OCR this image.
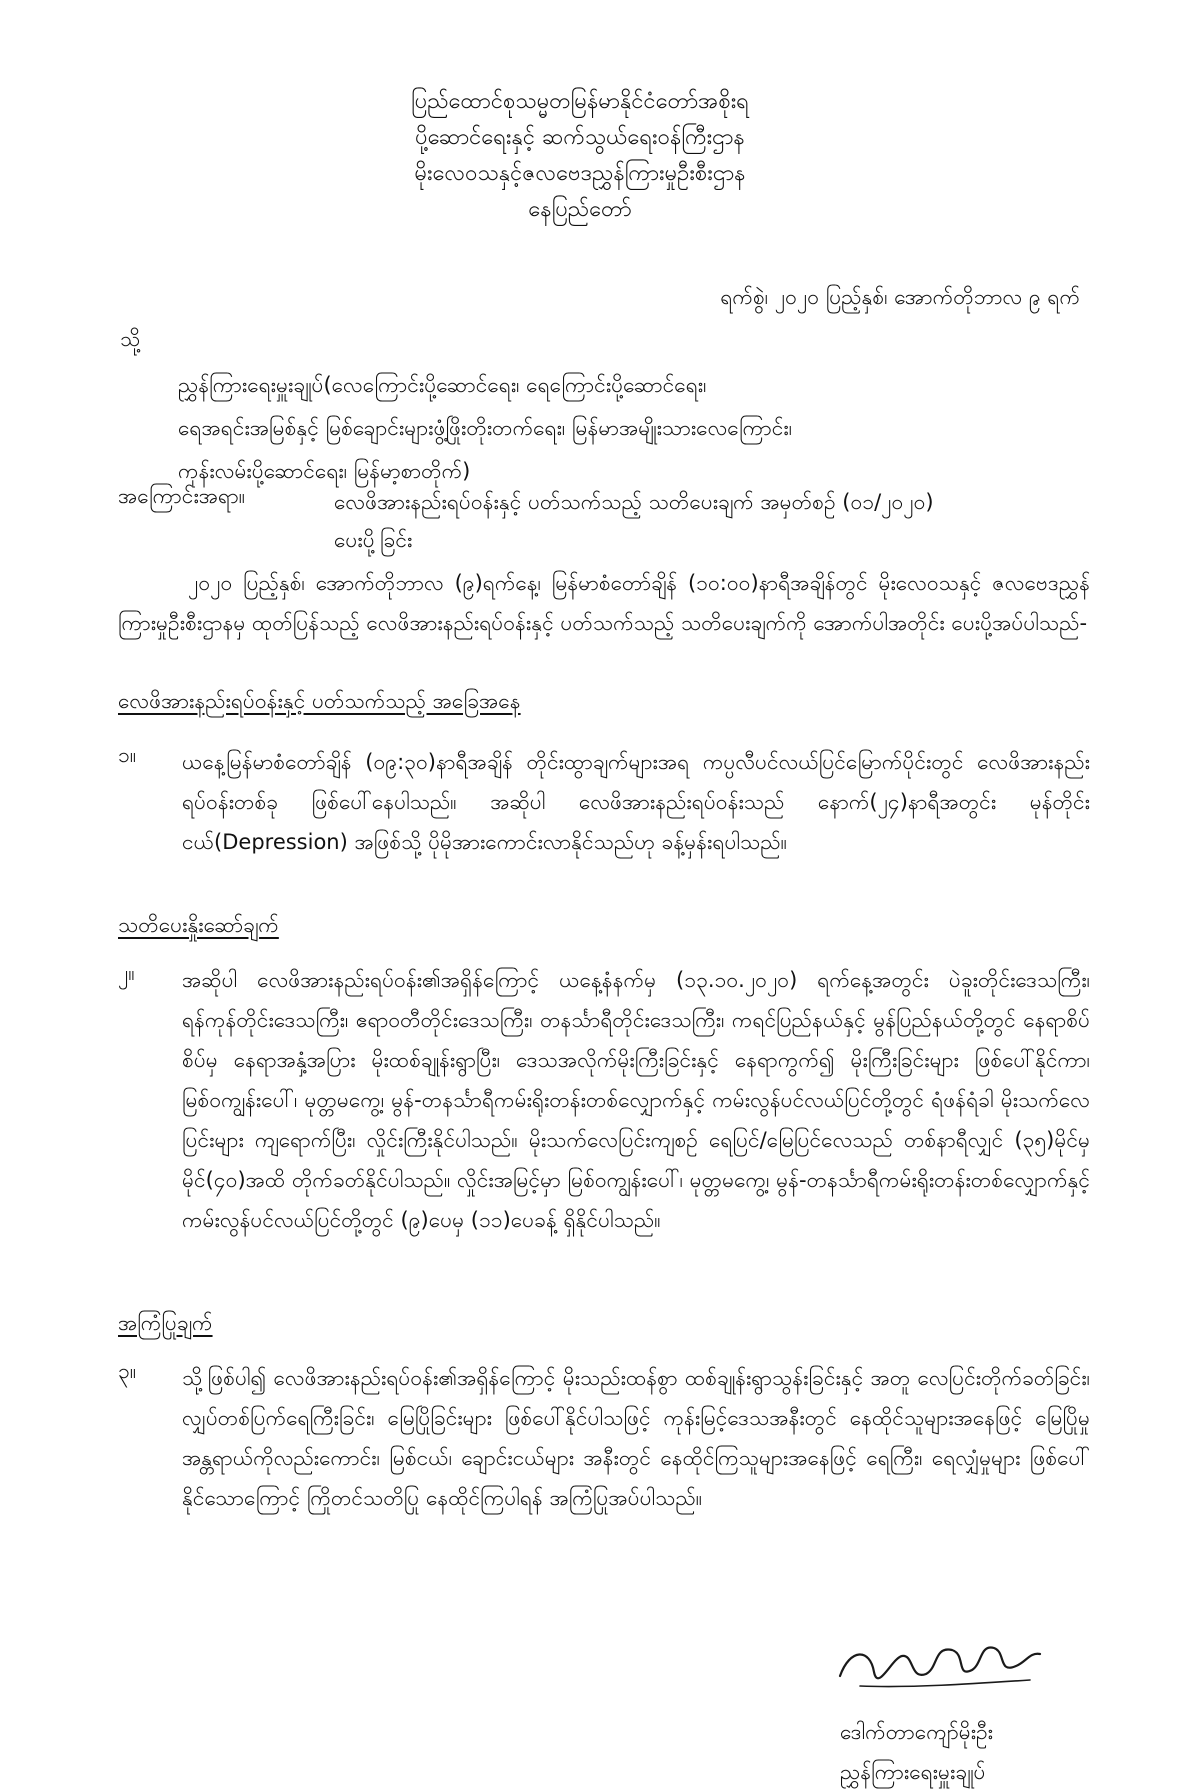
ပြည်ထောင်စုသမ္မတမြန်မာနိုင်ငံတော်အစိုးရ
ပို့ဆောင်ရေးနှင့် ဆက်သွယ်ရေးဝန်ကြီးဌာန
မိုးလေဝသနှင့်ဇလဗေဒညွှန်ကြားမှုဦးစီးဌာန
နေပြည်တော်
ရက်စွဲ၊ ၂၀၂၀ ပြည့်နှစ်၊ အောက်တိုဘာလ ၉ ရက်
သို့
ညွှန်ကြားရေးမှူးချုပ်(လေကြောင်းပို့ဆောင်ရေး၊ ရေကြောင်းပို့ဆောင်ရေး၊
ရေအရင်းအမြစ်နှင့် မြစ်ချောင်းများဖွံ့ဖြိုးတိုးတက်ရေး၊ မြန်မာအမျိုးသားလေကြောင်း၊
ကုန်းလမ်းပို့ဆောင်ရေး၊ မြန်မာ့စာတိုက်)
အကြောင်းအရာ။	လေဖိအားနည်းရပ်ဝန်းနှင့် ပတ်သက်သည့် သတိပေးချက် အမှတ်စဉ် (၀၁/၂၀၂၀)
ပေးပို့ခြင်း
၂၀၂၀ ပြည့်နှစ်၊ အောက်တိုဘာလ (၉)ရက်နေ့၊ မြန်မာစံတော်ချိန် (၁၀:၀၀)နာရီအချိန်တွင် မိုးလေဝသနှင့် ဇလဗေဒညွှန်ကြားမှုဦးစီးဌာနမှ ထုတ်ပြန်သည့် လေဖိအားနည်းရပ်ဝန်းနှင့် ပတ်သက်သည့် သတိပေးချက်ကို အောက်ပါအတိုင်း ပေးပို့အပ်ပါသည်-
လေဖိအားနည်းရပ်ဝန်းနှင့် ပတ်သက်သည့် အခြေအနေ
၁။	ယနေ့မြန်မာစံတော်ချိန် (၀၉:၃၀)နာရီအချိန် တိုင်းထွာချက်များအရ ကပ္ပလီပင်လယ်ပြင်မြောက်ပိုင်းတွင် လေဖိအားနည်းရပ်ဝန်းတစ်ခု ဖြစ်ပေါ်နေပါသည်။ အဆိုပါ လေဖိအားနည်းရပ်ဝန်းသည် နောက်(၂၄)နာရီအတွင်း မုန်တိုင်းငယ်(Depression) အဖြစ်သို့ ပိုမိုအားကောင်းလာနိုင်သည်ဟု ခန့်မှန်းရပါသည်။
သတိပေးနှိုးဆော်ချက်
၂။	အဆိုပါ လေဖိအားနည်းရပ်ဝန်း၏အရှိန်ကြောင့် ယနေ့နံနက်မှ (၁၃.၁၀.၂၀၂၀) ရက်နေ့အတွင်း ပဲခူးတိုင်းဒေသကြီး၊ ရန်ကုန်တိုင်းဒေသကြီး၊ ဧရာဝတီတိုင်းဒေသကြီး၊ တနင်္သာရီတိုင်းဒေသကြီး၊ ကရင်ပြည်နယ်နှင့် မွန်ပြည်နယ်တို့တွင် နေရာစိပ်စိပ်မှ နေရာအနှံ့အပြား မိုးထစ်ချုန်းရွာပြီး၊ ဒေသအလိုက်မိုးကြီးခြင်းနှင့် နေရာကွက်၍ မိုးကြီးခြင်းများ ဖြစ်ပေါ်နိုင်ကာ၊ မြစ်ဝကျွန်းပေါ်၊ မုတ္တမကွေ့၊ မွန်-တနင်္သာရီကမ်းရိုးတန်းတစ်လျှောက်နှင့် ကမ်းလွန်ပင်လယ်ပြင်တို့တွင် ရံဖန်ရံခါ မိုးသက်လေပြင်းများ ကျရောက်ပြီး၊ လှိုင်းကြီးနိုင်ပါသည်။ မိုးသက်လေပြင်းကျစဉ် ရေပြင်/မြေပြင်လေသည် တစ်နာရီလျှင် (၃၅)မိုင်မှ မိုင်(၄၀)အထိ တိုက်ခတ်နိုင်ပါသည်။ လှိုင်းအမြင့်မှာ မြစ်ဝကျွန်းပေါ်၊ မုတ္တမကွေ့၊ မွန်-တနင်္သာရီကမ်းရိုးတန်းတစ်လျှောက်နှင့် ကမ်းလွန်ပင်လယ်ပြင်တို့တွင် (၉)ပေမှ (၁၁)ပေခန့် ရှိနိုင်ပါသည်။
အကြံပြုချက်
၃။	သို့ဖြစ်ပါ၍ လေဖိအားနည်းရပ်ဝန်း၏အရှိန်ကြောင့် မိုးသည်းထန်စွာ ထစ်ချုန်းရွာသွန်းခြင်းနှင့် အတူ လေပြင်းတိုက်ခတ်ခြင်း၊ လျှပ်တစ်ပြက်ရေကြီးခြင်း၊ မြေပြိုခြင်းများ ဖြစ်ပေါ်နိုင်ပါသဖြင့် ကုန်းမြင့်ဒေသအနီးတွင် နေထိုင်သူများအနေဖြင့် မြေပြိုမှုအန္တရာယ်ကိုလည်းကောင်း၊ မြစ်ငယ်၊ ချောင်းငယ်များ အနီးတွင် နေထိုင်ကြသူများအနေဖြင့် ရေကြီး၊ ရေလျှံမှုများ ဖြစ်ပေါ်နိုင်သောကြောင့် ကြိုတင်သတိပြု နေထိုင်ကြပါရန် အကြံပြုအပ်ပါသည်။
ဒေါက်တာကျော်မိုးဦး
ညွှန်ကြားရေးမှူးချုပ်
